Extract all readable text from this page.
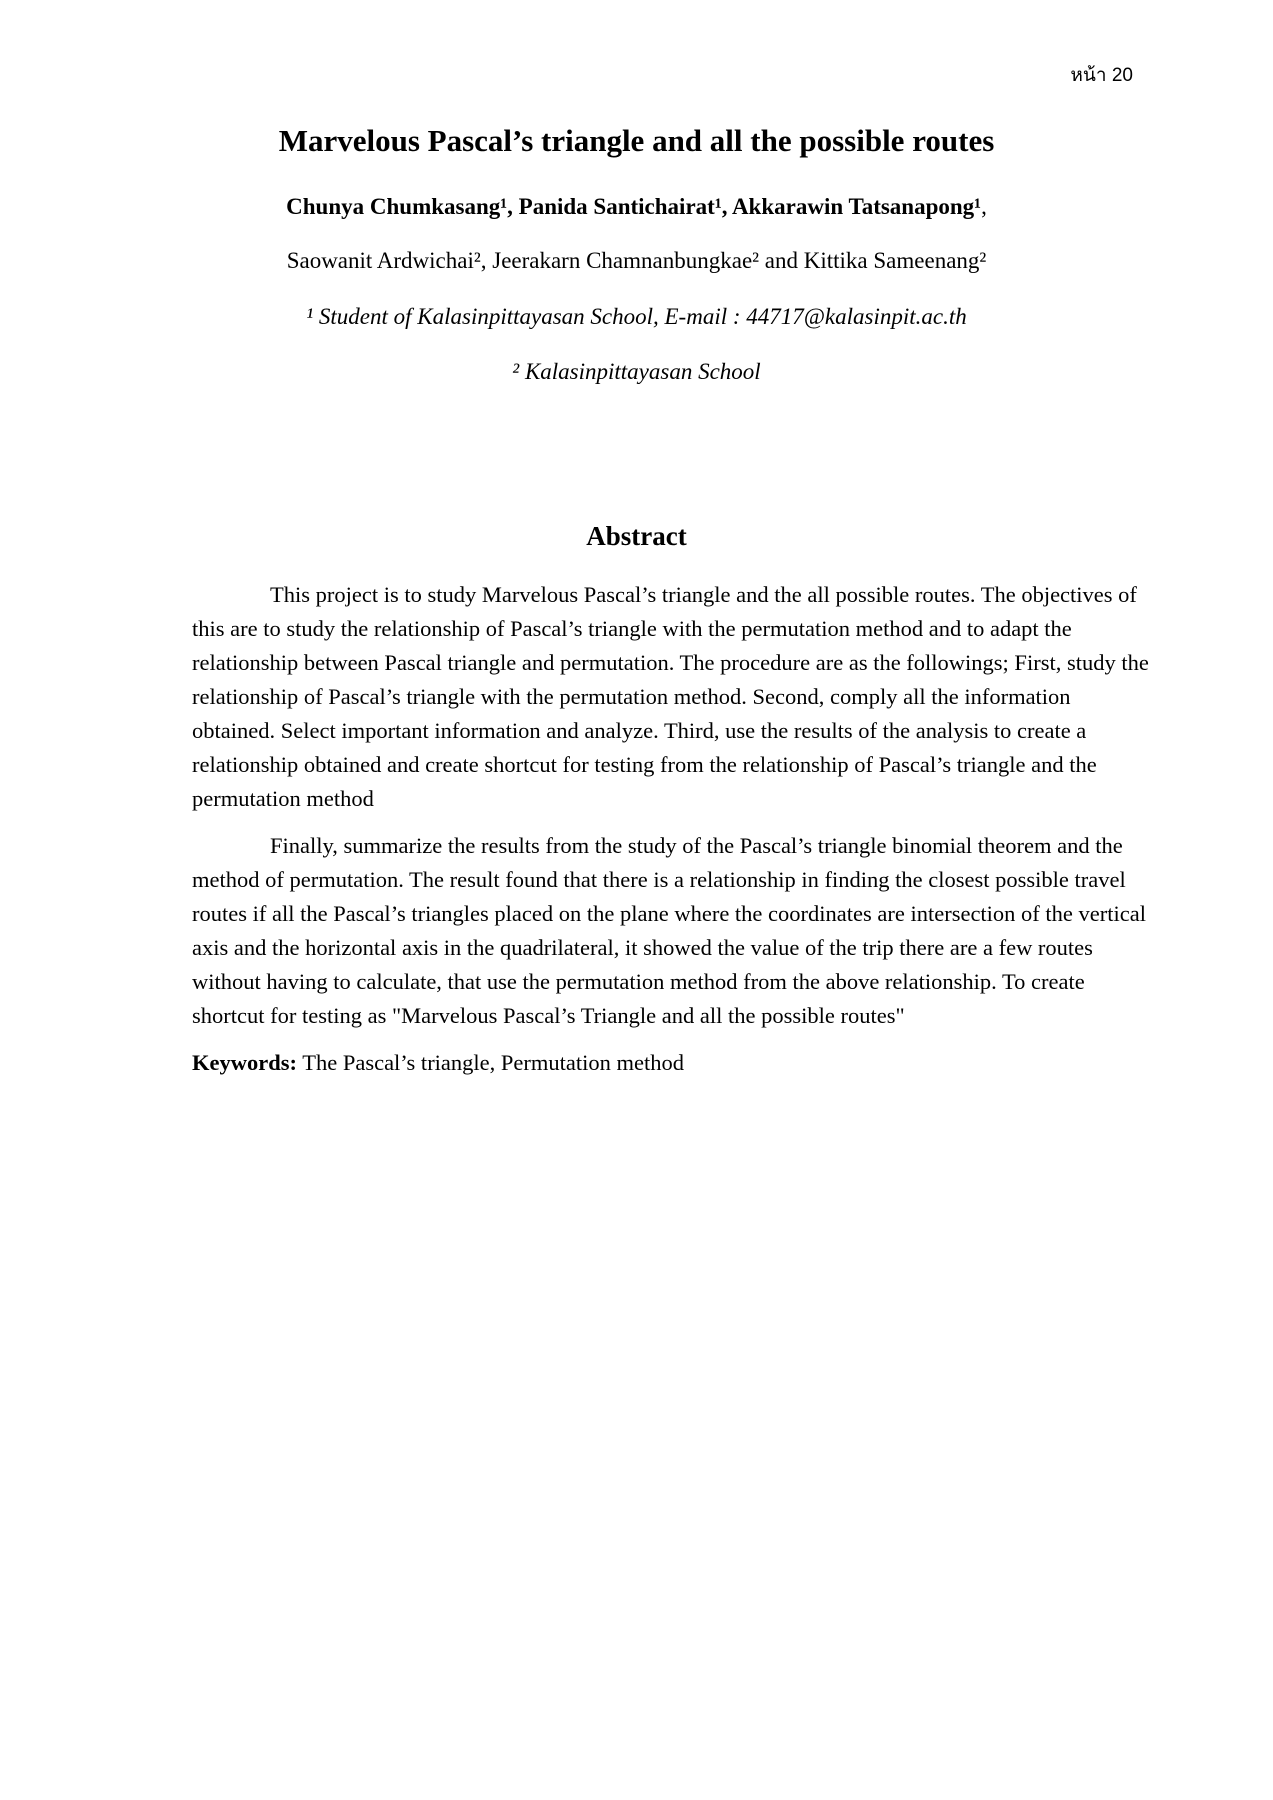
หน้า 20

Marvelous Pascal’s triangle and all the possible routes

Chunya Chumkasang¹, Panida Santichairat¹, Akkarawin Tatsanapong¹,

Saowanit Ardwichai², Jeerakarn Chamnanbungkae² and Kittika Sameenang²

¹ Student of Kalasinpittayasan School, E-mail : 44717@kalasinpit.ac.th

² Kalasinpittayasan School

Abstract

This project is to study Marvelous Pascal’s triangle and the all possible routes. The objectives of this are to study the relationship of Pascal’s triangle with the permutation method and to adapt the relationship between Pascal triangle and permutation. The procedure are as the followings; First, study the relationship of Pascal’s triangle with the permutation method. Second, comply all the information obtained. Select important information and analyze. Third, use the results of the analysis to create a relationship obtained and create shortcut for testing from the relationship of Pascal’s triangle and the permutation method

Finally, summarize the results from the study of the Pascal’s triangle binomial theorem and the method of permutation. The result found that there is a relationship in finding the closest possible travel routes if all the Pascal’s triangles placed on the plane where the coordinates are intersection of the vertical axis and the horizontal axis in the quadrilateral, it showed the value of the trip there are a few routes without having to calculate, that use the permutation method from the above relationship. To create shortcut for testing as "Marvelous Pascal’s Triangle and all the possible routes"

Keywords: The Pascal’s triangle, Permutation method
